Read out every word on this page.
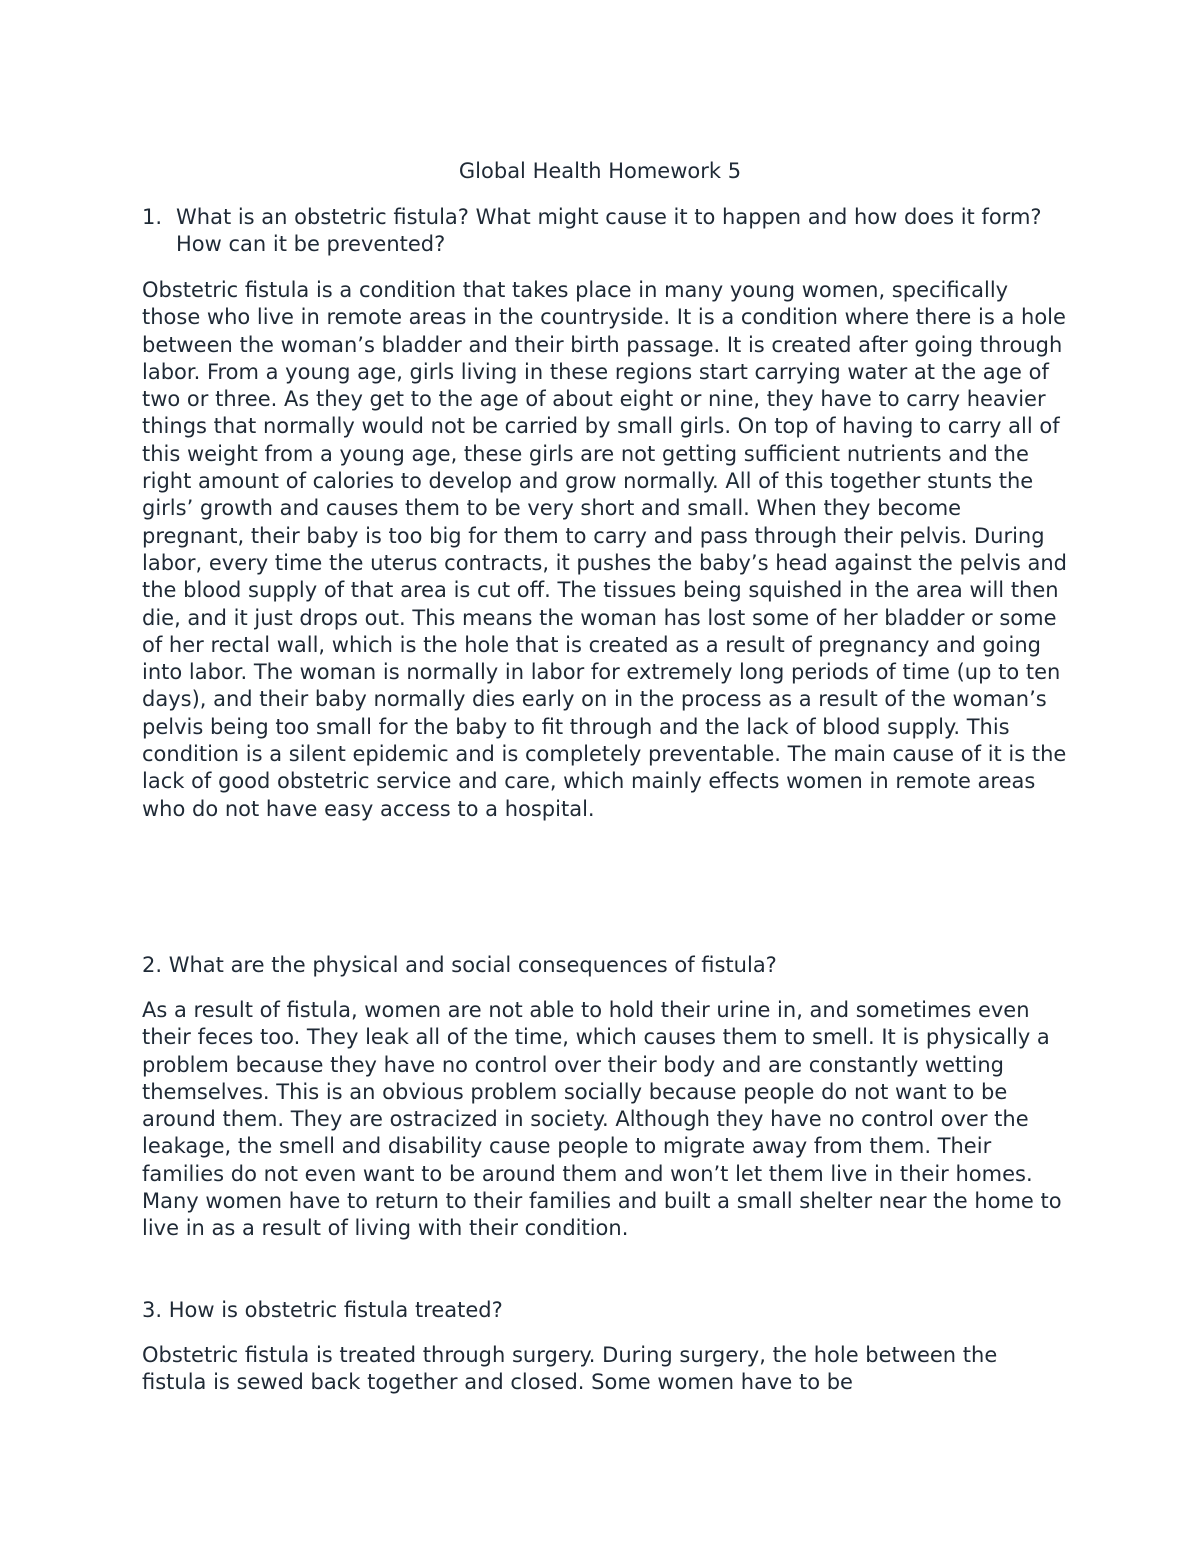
Global Health Homework 5
1. What is an obstetric fistula? What might cause it to happen and how does it form? How can it be prevented?

Obstetric fistula is a condition that takes place in many young women, specifically those who live in remote areas in the countryside. It is a condition where there is a hole between the woman’s bladder and their birth passage. It is created after going through labor. From a young age, girls living in these regions start carrying water at the age of two or three. As they get to the age of about eight or nine, they have to carry heavier things that normally would not be carried by small girls. On top of having to carry all of this weight from a young age, these girls are not getting sufficient nutrients and the right amount of calories to develop and grow normally. All of this together stunts the girls’ growth and causes them to be very short and small. When they become pregnant, their baby is too big for them to carry and pass through their pelvis. During labor, every time the uterus contracts, it pushes the baby’s head against the pelvis and the blood supply of that area is cut off. The tissues being squished in the area will then die, and it just drops out. This means the woman has lost some of her bladder or some of her rectal wall, which is the hole that is created as a result of pregnancy and going into labor. The woman is normally in labor for extremely long periods of time (up to ten days), and their baby normally dies early on in the process as a result of the woman’s pelvis being too small for the baby to fit through and the lack of blood supply. This condition is a silent epidemic and is completely preventable. The main cause of it is the lack of good obstetric service and care, which mainly effects women in remote areas who do not have easy access to a hospital.

2. What are the physical and social consequences of fistula?

As a result of fistula, women are not able to hold their urine in, and sometimes even their feces too. They leak all of the time, which causes them to smell. It is physically a problem because they have no control over their body and are constantly wetting themselves. This is an obvious problem socially because people do not want to be around them. They are ostracized in society. Although they have no control over the leakage, the smell and disability cause people to migrate away from them. Their families do not even want to be around them and won’t let them live in their homes. Many women have to return to their families and built a small shelter near the home to live in as a result of living with their condition.

3. How is obstetric fistula treated?

Obstetric fistula is treated through surgery. During surgery, the hole between the fistula is sewed back together and closed. Some women have to be
